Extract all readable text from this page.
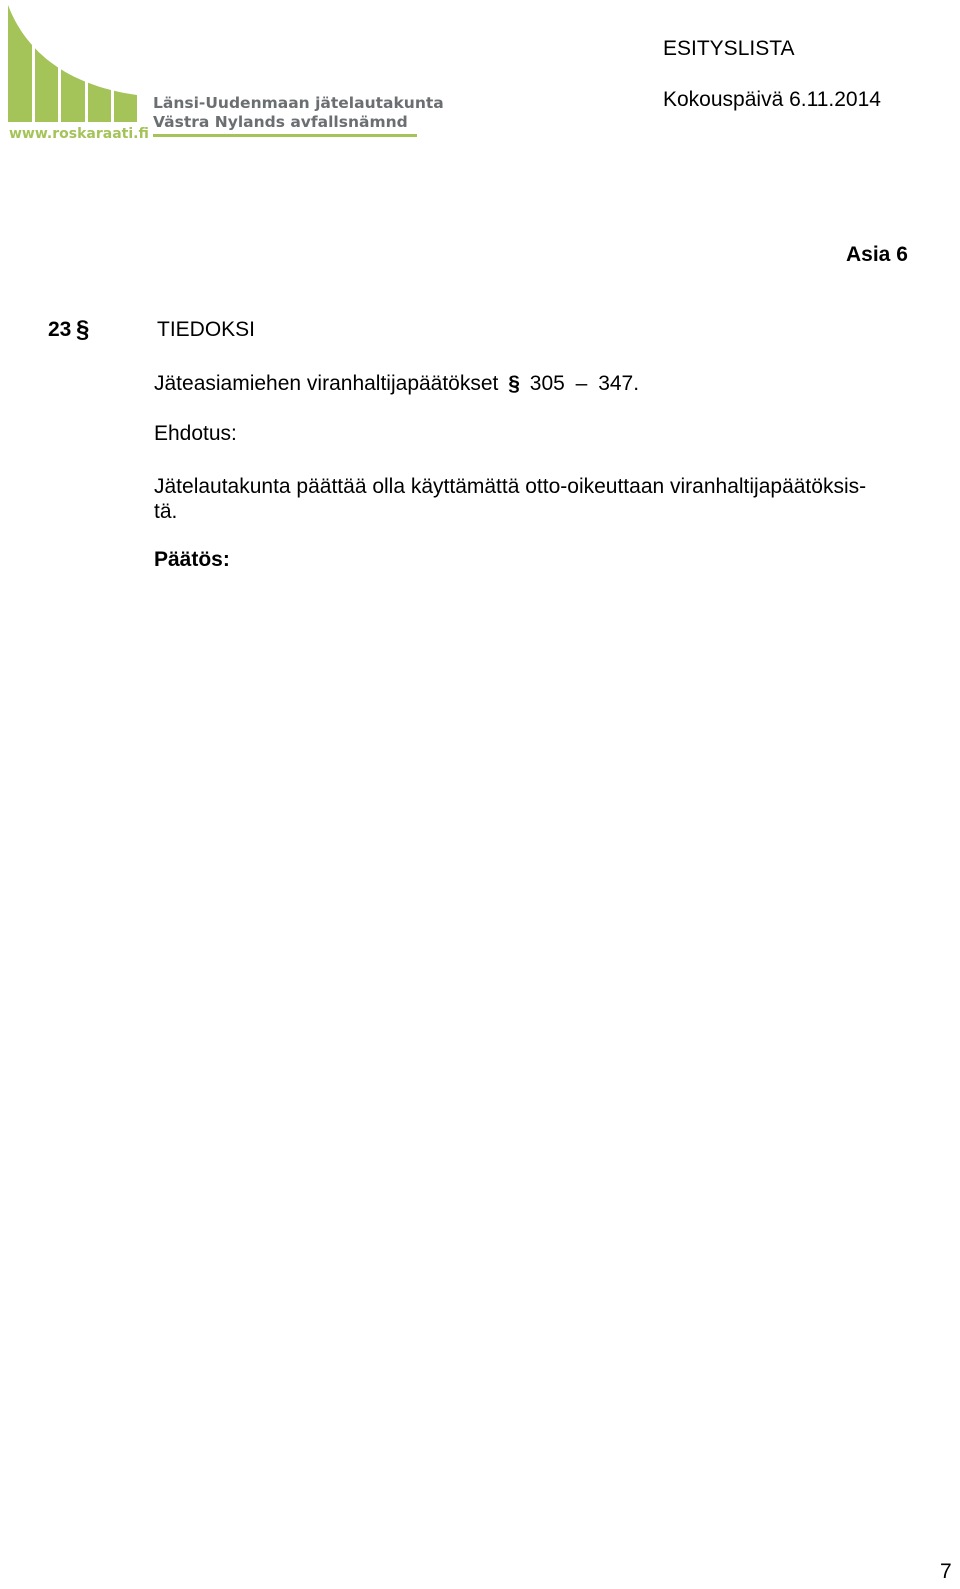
Länsi-Uudenmaan jätelautakunta
Västra Nylands avfallsnämnd
www.roskaraati.fi
ESITYSLISTA
Kokouspäivä 6.11.2014
Asia 6
23 §	TIEDOKSI
Jäteasiamiehen viranhaltijapäätökset § 305 – 347.
Ehdotus:
Jätelautakunta päättää olla käyttämättä otto-oikeuttaan viranhaltijapäätöksis-
tä.
Päätös:
7
